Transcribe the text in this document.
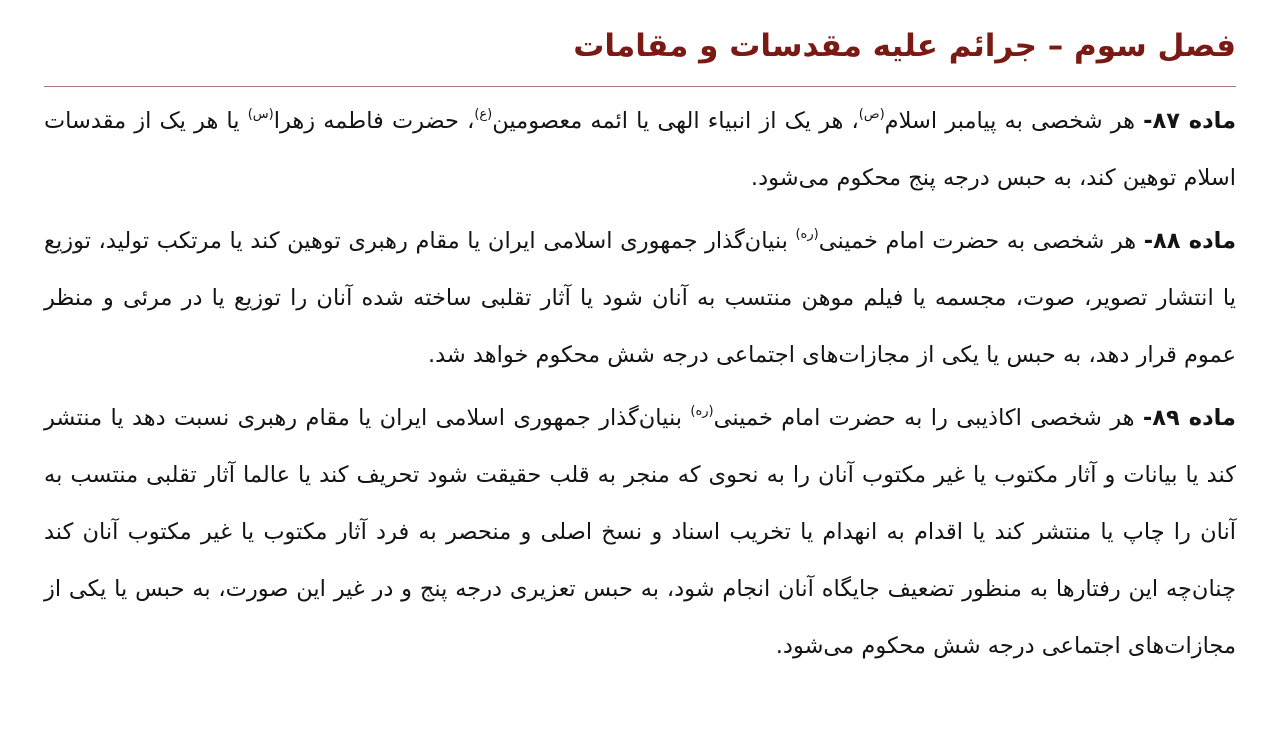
فصل سوم – جرائم علیه مقدسات و مقامات

ماده ۸۷- هر شخصی به پیامبر اسلام$^{(ص)}$، هر یک از انبیاء الهی یا ائمه معصومین$^{(ع)}$، حضرت فاطمه زهرا$^{(س)}$ یا هر یک از مقدسات اسلام توهین کند، به حبس درجه پنج محکوم می‌شود.

ماده ۸۸- هر شخصی به حضرت امام خمینی$^{(ره)}$ بنیان‌گذار جمهوری اسلامی ایران یا مقام رهبری توهین کند یا مرتکب تولید، توزیع یا انتشار تصویر، صوت، مجسمه یا فیلم موهن منتسب به آنان شود یا آثار تقلبی ساخته شده آنان را توزیع یا در مرئی و منظر عموم قرار دهد، به حبس یا یکی از مجازات‌های اجتماعی درجه شش محکوم خواهد شد.

ماده ۸۹- هر شخصی اکاذیبی را به حضرت امام خمینی$^{(ره)}$ بنیان‌گذار جمهوری اسلامی ایران یا مقام رهبری نسبت دهد یا منتشر کند یا بیانات و آثار مکتوب یا غیر مکتوب آنان را به نحوی که منجر به قلب حقیقت شود تحریف کند یا عالما آثار تقلبی منتسب به آنان را چاپ یا منتشر کند یا اقدام به انهدام یا تخریب اسناد و نسخ اصلی و منحصر به فرد آثار مکتوب یا غیر مکتوب آنان کند چنان‌چه این رفتارها به منظور تضعیف جایگاه آنان انجام شود، به حبس تعزیری درجه پنج و در غیر این صورت، به حبس یا یکی از مجازات‌های اجتماعی درجه شش محکوم می‌شود.
